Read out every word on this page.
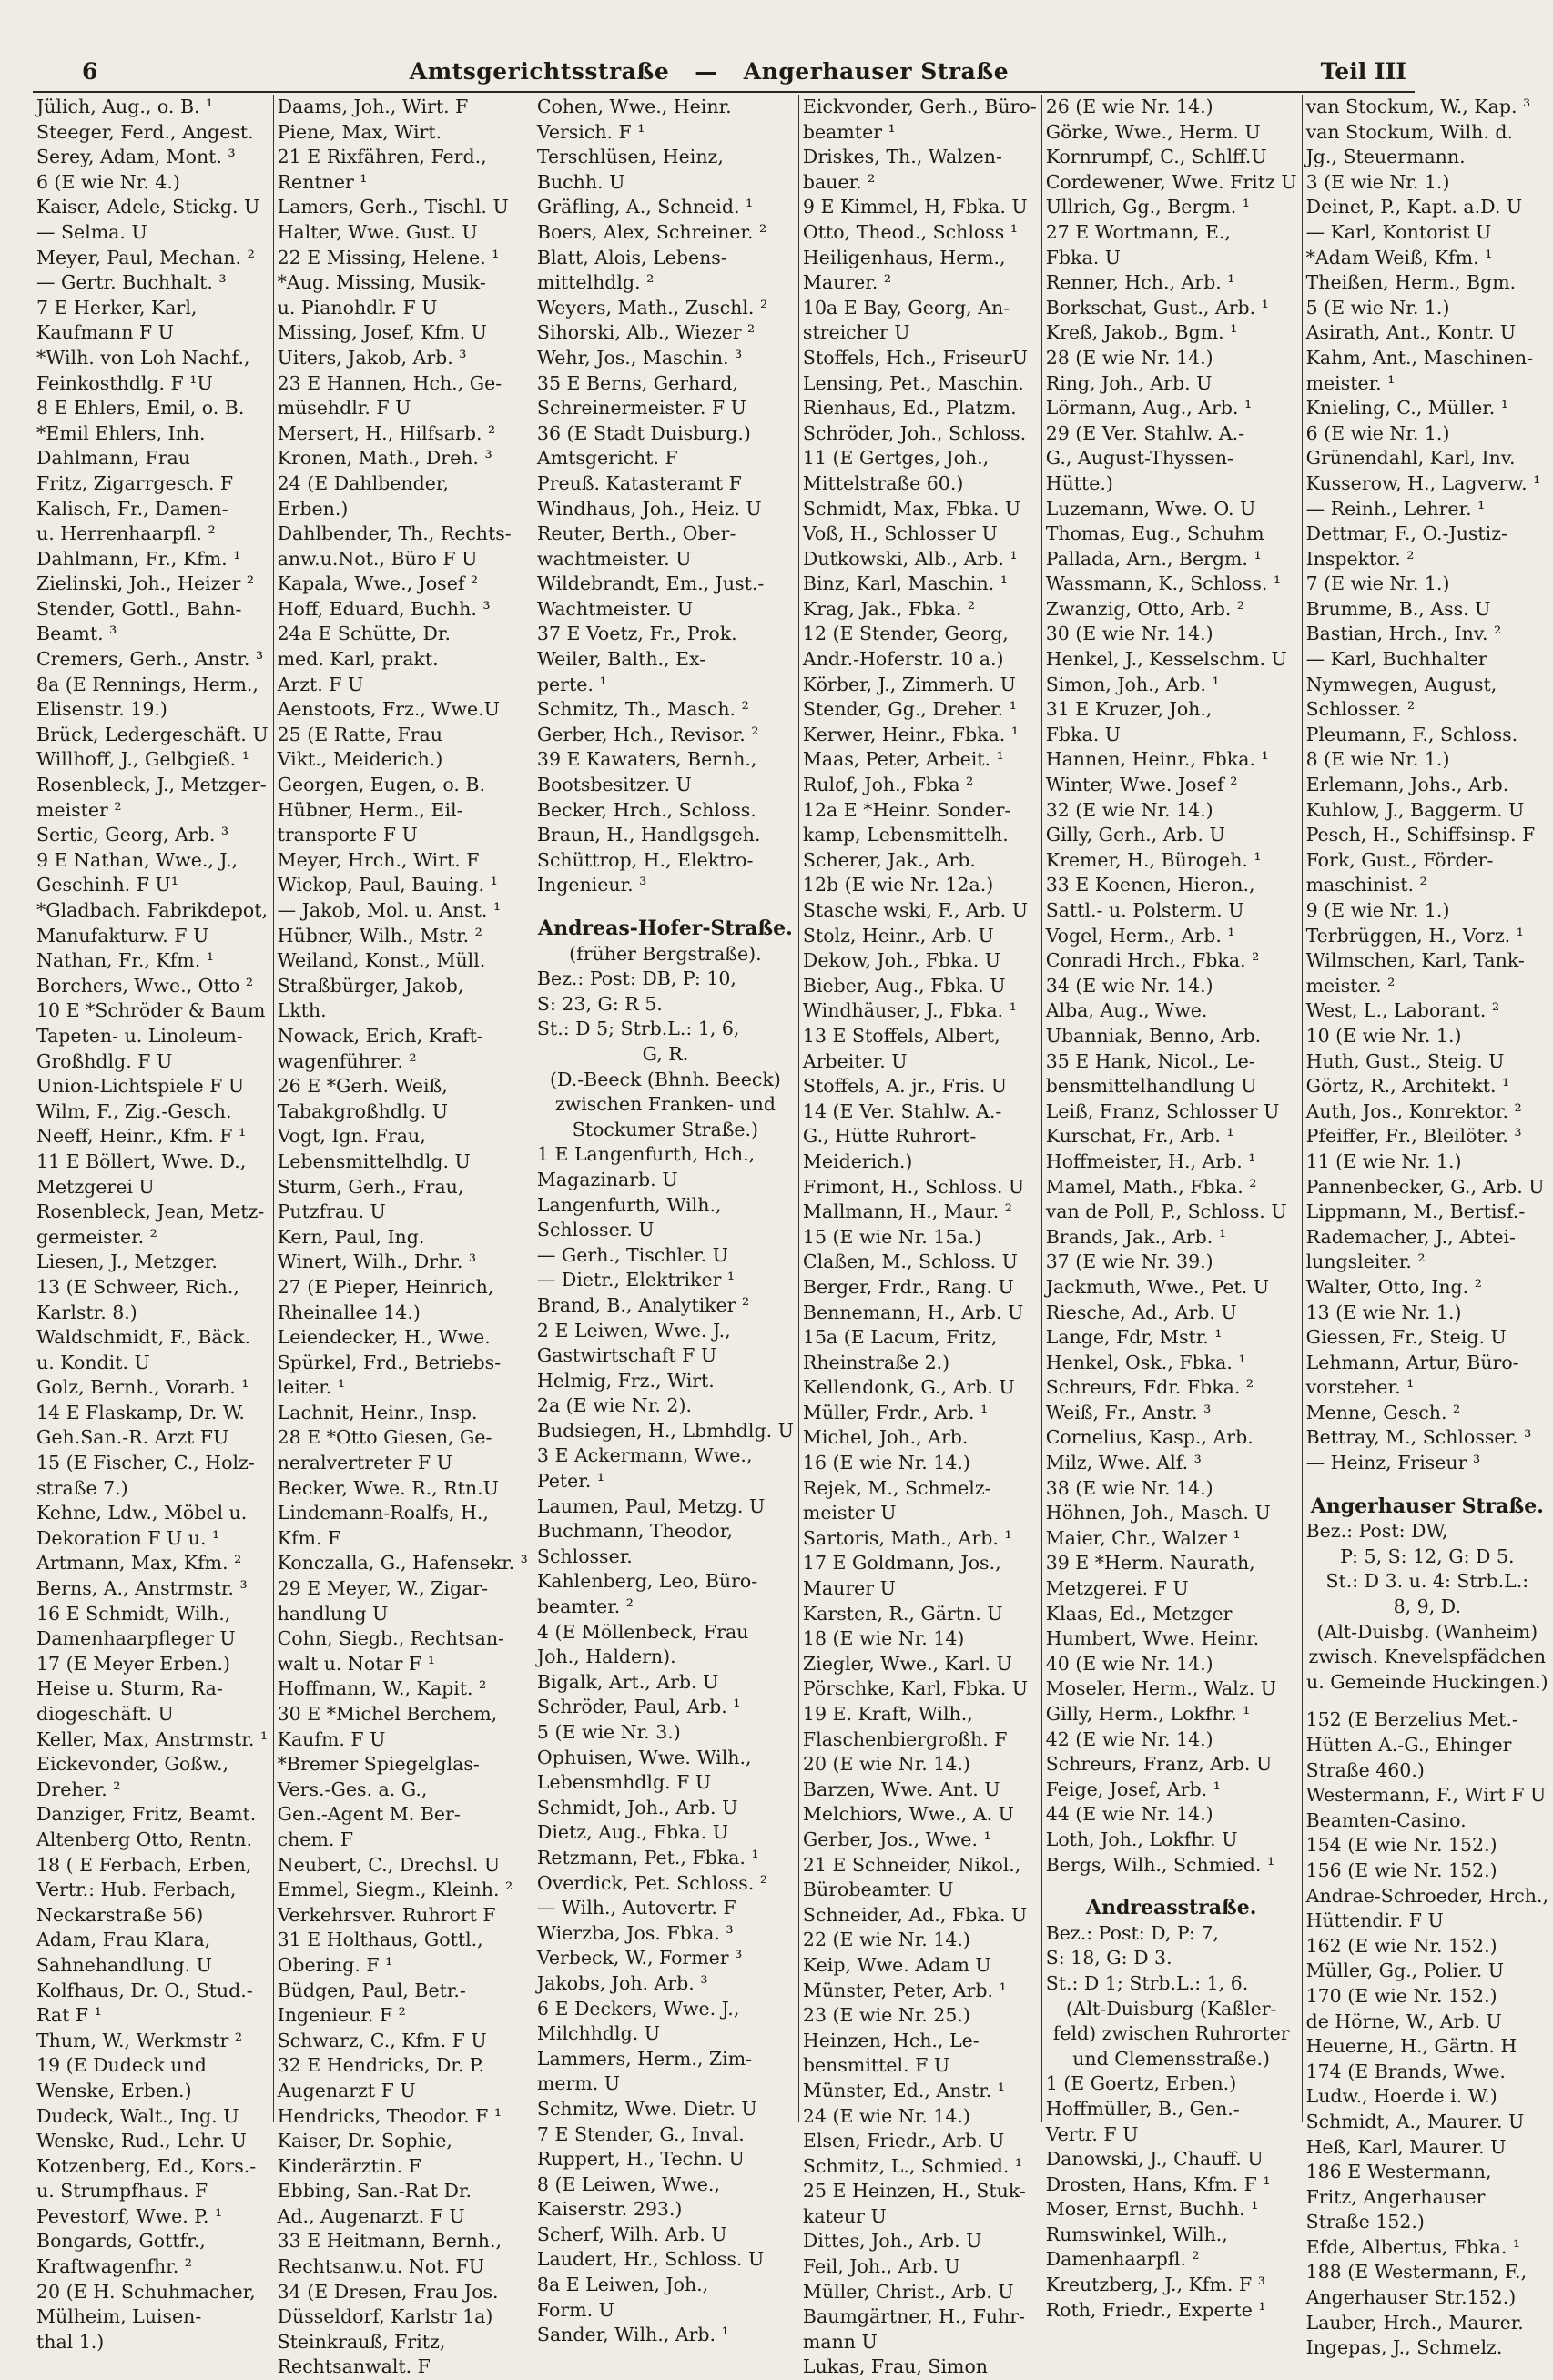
6	Amtsgerichtsstraße — Angerhauser Straße	Teil III
Jülich, Aug., o. B. ¹
Steeger, Ferd., Angest.
Serey, Adam, Mont. ³
6 (E wie Nr. 4.)
Kaiser, Adele, Stickg. U
— Selma. U
Meyer, Paul, Mechan. ²
— Gertr. Buchhalt. ³
7 E Herker, Karl,
Kaufmann F U
*Wilh. von Loh Nachf.,
Feinkosthdlg. F ¹U
8 E Ehlers, Emil, o. B.
*Emil Ehlers, Inh.
Dahlmann, Frau
Fritz, Zigarrgesch. F
Kalisch, Fr., Damen-
u. Herrenhaarpfl. ²
Dahlmann, Fr., Kfm. ¹
Zielinski, Joh., Heizer ²
Stender, Gottl., Bahn-
Beamt. ³
Cremers, Gerh., Anstr. ³
8a (E Rennings, Herm.,
Elisenstr. 19.)
Brück, Ledergeschäft. U
Willhoff, J., Gelbgieß. ¹
Rosenbleck, J., Metzger-
meister ²
Sertic, Georg, Arb. ³
9 E Nathan, Wwe., J.,
Geschinh. F U¹
*Gladbach. Fabrikdepot,
Manufakturw. F U
Nathan, Fr., Kfm. ¹
Borchers, Wwe., Otto ²
10 E *Schröder & Baum
Tapeten- u. Linoleum-
Großhdlg. F U
Union-Lichtspiele F U
Wilm, F., Zig.-Gesch.
Neeff, Heinr., Kfm. F ¹
11 E Böllert, Wwe. D.,
Metzgerei U
Rosenbleck, Jean, Metz-
germeister. ²
Liesen, J., Metzger.
13 (E Schweer, Rich.,
Karlstr. 8.)
Waldschmidt, F., Bäck.
u. Kondit. U
Golz, Bernh., Vorarb. ¹
14 E Flaskamp, Dr. W.
Geh.San.-R. Arzt FU
15 (E Fischer, C., Holz-
straße 7.)
Kehne, Ldw., Möbel u.
Dekoration F U u. ¹
Artmann, Max, Kfm. ²
Berns, A., Anstrmstr. ³
16 E Schmidt, Wilh.,
Damenhaarpfleger U
17 (E Meyer Erben.)
Heise u. Sturm, Ra-
diogeschäft. U
Keller, Max, Anstrmstr. ¹
Eickevonder, Goßw.,
Dreher. ²
Danziger, Fritz, Beamt.
Altenberg Otto, Rentn.
18 ( E Ferbach, Erben,
Vertr.: Hub. Ferbach,
Neckarstraße 56)
Adam, Frau Klara,
Sahnehandlung. U
Kolfhaus, Dr. O., Stud.-
Rat F ¹
Thum, W., Werkmstr ²
19 (E Dudeck und
Wenske, Erben.)
Dudeck, Walt., Ing. U
Wenske, Rud., Lehr. U
Kotzenberg, Ed., Kors.-
u. Strumpfhaus. F
Pevestorf, Wwe. P. ¹
Bongards, Gottfr.,
Kraftwagenfhr. ²
20 (E H. Schuhmacher,
Mülheim, Luisen-
thal 1.)
Daams, Joh., Wirt. F
Piene, Max, Wirt.
21 E Rixfähren, Ferd.,
Rentner ¹
Lamers, Gerh., Tischl. U
Halter, Wwe. Gust. U
22 E Missing, Helene. ¹
*Aug. Missing, Musik-
u. Pianohdlr. F U
Missing, Josef, Kfm. U
Uiters, Jakob, Arb. ³
23 E Hannen, Hch., Ge-
müsehdlr. F U
Mersert, H., Hilfsarb. ²
Kronen, Math., Dreh. ³
24 (E Dahlbender,
Erben.)
Dahlbender, Th., Rechts-
anw.u.Not., Büro F U
Kapala, Wwe., Josef ²
Hoff, Eduard, Buchh. ³
24a E Schütte, Dr.
med. Karl, prakt.
Arzt. F U
Aenstoots, Frz., Wwe.U
25 (E Ratte, Frau
Vikt., Meiderich.)
Georgen, Eugen, o. B.
Hübner, Herm., Eil-
transporte F U
Meyer, Hrch., Wirt. F
Wickop, Paul, Bauing. ¹
— Jakob, Mol. u. Anst. ¹
Hübner, Wilh., Mstr. ²
Weiland, Konst., Müll.
Straßbürger, Jakob,
Lkth.
Nowack, Erich, Kraft-
wagenführer. ²
26 E *Gerh. Weiß,
Tabakgroßhdlg. U
Vogt, Ign. Frau,
Lebensmittelhdlg. U
Sturm, Gerh., Frau,
Putzfrau. U
Kern, Paul, Ing.
Winert, Wilh., Drhr. ³
27 (E Pieper, Heinrich,
Rheinallee 14.)
Leiendecker, H., Wwe.
Spürkel, Frd., Betriebs-
leiter. ¹
Lachnit, Heinr., Insp.
28 E *Otto Giesen, Ge-
neralvertreter F U
Becker, Wwe. R., Rtn.U
Lindemann-Roalfs, H.,
Kfm. F
Konczalla, G., Hafensekr. ³
29 E Meyer, W., Zigar-
handlung U
Cohn, Siegb., Rechtsan-
walt u. Notar F ¹
Hoffmann, W., Kapit. ²
30 E *Michel Berchem,
Kaufm. F U
*Bremer Spiegelglas-
Vers.-Ges. a. G.,
Gen.-Agent M. Ber-
chem. F
Neubert, C., Drechsl. U
Emmel, Siegm., Kleinh. ²
Verkehrsver. Ruhrort F
31 E Holthaus, Gottl.,
Obering. F ¹
Büdgen, Paul, Betr.-
Ingenieur. F ²
Schwarz, C., Kfm. F U
32 E Hendricks, Dr. P.
Augenarzt F U
Hendricks, Theodor. F ¹
Kaiser, Dr. Sophie,
Kinderärztin. F
Ebbing, San.-Rat Dr.
Ad., Augenarzt. F U
33 E Heitmann, Bernh.,
Rechtsanw.u. Not. FU
34 (E Dresen, Frau Jos.
Düsseldorf, Karlstr 1a)
Steinkrauß, Fritz,
Rechtsanwalt. F
Cohen, Wwe., Heinr.
Versich. F ¹
Terschlüsen, Heinz,
Buchh. U
Gräfling, A., Schneid. ¹
Boers, Alex, Schreiner. ²
Blatt, Alois, Lebens-
mittelhdlg. ²
Weyers, Math., Zuschl. ²
Sihorski, Alb., Wiezer ²
Wehr, Jos., Maschin. ³
35 E Berns, Gerhard,
Schreinermeister. F U
36 (E Stadt Duisburg.)
Amtsgericht. F
Preuß. Katasteramt F
Windhaus, Joh., Heiz. U
Reuter, Berth., Ober-
wachtmeister. U
Wildebrandt, Em., Just.-
Wachtmeister. U
37 E Voetz, Fr., Prok.
Weiler, Balth., Ex-
perte. ¹
Schmitz, Th., Masch. ²
Gerber, Hch., Revisor. ²
39 E Kawaters, Bernh.,
Bootsbesitzer. U
Becker, Hrch., Schloss.
Braun, H., Handlgsgeh.
Schüttrop, H., Elektro-
Ingenieur. ³
Andreas-Hofer-Straße.
(früher Bergstraße).
Bez.: Post: DB, P: 10,
S: 23, G: R 5.
St.: D 5; Strb.L.: 1, 6,
G, R.
(D.-Beeck (Bhnh. Beeck)
zwischen Franken- und
Stockumer Straße.)
1 E Langenfurth, Hch.,
Magazinarb. U
Langenfurth, Wilh.,
Schlosser. U
— Gerh., Tischler. U
— Dietr., Elektriker ¹
Brand, B., Analytiker ²
2 E Leiwen, Wwe. J.,
Gastwirtschaft F U
Helmig, Frz., Wirt.
2a (E wie Nr. 2).
Budsiegen, H., Lbmhdlg. U
3 E Ackermann, Wwe.,
Peter. ¹
Laumen, Paul, Metzg. U
Buchmann, Theodor,
Schlosser.
Kahlenberg, Leo, Büro-
beamter. ²
4 (E Möllenbeck, Frau
Joh., Haldern).
Bigalk, Art., Arb. U
Schröder, Paul, Arb. ¹
5 (E wie Nr. 3.)
Ophuisen, Wwe. Wilh.,
Lebensmhdlg. F U
Schmidt, Joh., Arb. U
Dietz, Aug., Fbka. U
Retzmann, Pet., Fbka. ¹
Overdick, Pet. Schloss. ²
— Wilh., Autovertr. F
Wierzba, Jos. Fbka. ³
Verbeck, W., Former ³
Jakobs, Joh. Arb. ³
6 E Deckers, Wwe. J.,
Milchhdlg. U
Lammers, Herm., Zim-
merm. U
Schmitz, Wwe. Dietr. U
7 E Stender, G., Inval.
Ruppert, H., Techn. U
8 (E Leiwen, Wwe.,
Kaiserstr. 293.)
Scherf, Wilh. Arb. U
Laudert, Hr., Schloss. U
8a E Leiwen, Joh.,
Form. U
Sander, Wilh., Arb. ¹
Eickvonder, Gerh., Büro-
beamter ¹
Driskes, Th., Walzen-
bauer. ²
9 E Kimmel, H, Fbka. U
Otto, Theod., Schloss ¹
Heiligenhaus, Herm.,
Maurer. ²
10a E Bay, Georg, An-
streicher U
Stoffels, Hch., FriseurU
Lensing, Pet., Maschin.
Rienhaus, Ed., Platzm.
Schröder, Joh., Schloss.
11 (E Gertges, Joh.,
Mittelstraße 60.)
Schmidt, Max, Fbka. U
Voß, H., Schlosser U
Dutkowski, Alb., Arb. ¹
Binz, Karl, Maschin. ¹
Krag, Jak., Fbka. ²
12 (E Stender, Georg,
Andr.-Hoferstr. 10 a.)
Körber, J., Zimmerh. U
Stender, Gg., Dreher. ¹
Kerwer, Heinr., Fbka. ¹
Maas, Peter, Arbeit. ¹
Rulof, Joh., Fbka ²
12a E *Heinr. Sonder-
kamp, Lebensmittelh.
Scherer, Jak., Arb.
12b (E wie Nr. 12a.)
Stasche wski, F., Arb. U
Stolz, Heinr., Arb. U
Dekow, Joh., Fbka. U
Bieber, Aug., Fbka. U
Windhäuser, J., Fbka. ¹
13 E Stoffels, Albert,
Arbeiter. U
Stoffels, A. jr., Fris. U
14 (E Ver. Stahlw. A.-
G., Hütte Ruhrort-
Meiderich.)
Frimont, H., Schloss. U
Mallmann, H., Maur. ²
15 (E wie Nr. 15a.)
Claßen, M., Schloss. U
Berger, Frdr., Rang. U
Bennemann, H., Arb. U
15a (E Lacum, Fritz,
Rheinstraße 2.)
Kellendonk, G., Arb. U
Müller, Frdr., Arb. ¹
Michel, Joh., Arb.
16 (E wie Nr. 14.)
Rejek, M., Schmelz-
meister U
Sartoris, Math., Arb. ¹
17 E Goldmann, Jos.,
Maurer U
Karsten, R., Gärtn. U
18 (E wie Nr. 14)
Ziegler, Wwe., Karl. U
Pörschke, Karl, Fbka. U
19 E. Kraft, Wilh.,
Flaschenbiergroßh. F
20 (E wie Nr. 14.)
Barzen, Wwe. Ant. U
Melchiors, Wwe., A. U
Gerber, Jos., Wwe. ¹
21 E Schneider, Nikol.,
Bürobeamter. U
Schneider, Ad., Fbka. U
22 (E wie Nr. 14.)
Keip, Wwe. Adam U
Münster, Peter, Arb. ¹
23 (E wie Nr. 25.)
Heinzen, Hch., Le-
bensmittel. F U
Münster, Ed., Anstr. ¹
24 (E wie Nr. 14.)
Elsen, Friedr., Arb. U
Schmitz, L., Schmied. ¹
25 E Heinzen, H., Stuk-
kateur U
Dittes, Joh., Arb. U
Feil, Joh., Arb. U
Müller, Christ., Arb. U
Baumgärtner, H., Fuhr-
mann U
Lukas, Frau, Simon
26 (E wie Nr. 14.)
Görke, Wwe., Herm. U
Kornrumpf, C., Schlff.U
Cordewener, Wwe. Fritz U
Ullrich, Gg., Bergm. ¹
27 E Wortmann, E.,
Fbka. U
Renner, Hch., Arb. ¹
Borkschat, Gust., Arb. ¹
Kreß, Jakob., Bgm. ¹
28 (E wie Nr. 14.)
Ring, Joh., Arb. U
Lörmann, Aug., Arb. ¹
29 (E Ver. Stahlw. A.-
G., August-Thyssen-
Hütte.)
Luzemann, Wwe. O. U
Thomas, Eug., Schuhm
Pallada, Arn., Bergm. ¹
Wassmann, K., Schloss. ¹
Zwanzig, Otto, Arb. ²
30 (E wie Nr. 14.)
Henkel, J., Kesselschm. U
Simon, Joh., Arb. ¹
31 E Kruzer, Joh.,
Fbka. U
Hannen, Heinr., Fbka. ¹
Winter, Wwe. Josef ²
32 (E wie Nr. 14.)
Gilly, Gerh., Arb. U
Kremer, H., Bürogeh. ¹
33 E Koenen, Hieron.,
Sattl.- u. Polsterm. U
Vogel, Herm., Arb. ¹
Conradi Hrch., Fbka. ²
34 (E wie Nr. 14.)
Alba, Aug., Wwe.
Ubanniak, Benno, Arb.
35 E Hank, Nicol., Le-
bensmittelhandlung U
Leiß, Franz, Schlosser U
Kurschat, Fr., Arb. ¹
Hoffmeister, H., Arb. ¹
Mamel, Math., Fbka. ²
van de Poll, P., Schloss. U
Brands, Jak., Arb. ¹
37 (E wie Nr. 39.)
Jackmuth, Wwe., Pet. U
Riesche, Ad., Arb. U
Lange, Fdr, Mstr. ¹
Henkel, Osk., Fbka. ¹
Schreurs, Fdr. Fbka. ²
Weiß, Fr., Anstr. ³
Cornelius, Kasp., Arb.
Milz, Wwe. Alf. ³
38 (E wie Nr. 14.)
Höhnen, Joh., Masch. U
Maier, Chr., Walzer ¹
39 E *Herm. Naurath,
Metzgerei. F U
Klaas, Ed., Metzger
Humbert, Wwe. Heinr.
40 (E wie Nr. 14.)
Moseler, Herm., Walz. U
Gilly, Herm., Lokfhr. ¹
42 (E wie Nr. 14.)
Schreurs, Franz, Arb. U
Feige, Josef, Arb. ¹
44 (E wie Nr. 14.)
Loth, Joh., Lokfhr. U
Bergs, Wilh., Schmied. ¹
Andreasstraße.
Bez.: Post: D, P: 7,
S: 18, G: D 3.
St.: D 1; Strb.L.: 1, 6.
(Alt-Duisburg (Kaßler-
feld) zwischen Ruhrorter
und Clemensstraße.)
1 (E Goertz, Erben.)
Hoffmüller, B., Gen.-
Vertr. F U
Danowski, J., Chauff. U
Drosten, Hans, Kfm. F ¹
Moser, Ernst, Buchh. ¹
Rumswinkel, Wilh.,
Damenhaarpfl. ²
Kreutzberg, J., Kfm. F ³
Roth, Friedr., Experte ¹
van Stockum, W., Kap. ³
van Stockum, Wilh. d.
Jg., Steuermann.
3 (E wie Nr. 1.)
Deinet, P., Kapt. a.D. U
— Karl, Kontorist U
*Adam Weiß, Kfm. ¹
Theißen, Herm., Bgm.
5 (E wie Nr. 1.)
Asirath, Ant., Kontr. U
Kahm, Ant., Maschinen-
meister. ¹
Knieling, C., Müller. ¹
6 (E wie Nr. 1.)
Grünendahl, Karl, Inv.
Kusserow, H., Lagverw. ¹
— Reinh., Lehrer. ¹
Dettmar, F., O.-Justiz-
Inspektor. ²
7 (E wie Nr. 1.)
Brumme, B., Ass. U
Bastian, Hrch., Inv. ²
— Karl, Buchhalter
Nymwegen, August,
Schlosser. ²
Pleumann, F., Schloss.
8 (E wie Nr. 1.)
Erlemann, Johs., Arb.
Kuhlow, J., Baggerm. U
Pesch, H., Schiffsinsp. F
Fork, Gust., Förder-
maschinist. ²
9 (E wie Nr. 1.)
Terbrüggen, H., Vorz. ¹
Wilmschen, Karl, Tank-
meister. ²
West, L., Laborant. ²
10 (E wie Nr. 1.)
Huth, Gust., Steig. U
Görtz, R., Architekt. ¹
Auth, Jos., Konrektor. ²
Pfeiffer, Fr., Bleilöter. ³
11 (E wie Nr. 1.)
Pannenbecker, G., Arb. U
Lippmann, M., Bertisf.-
Rademacher, J., Abtei-
lungsleiter. ²
Walter, Otto, Ing. ²
13 (E wie Nr. 1.)
Giessen, Fr., Steig. U
Lehmann, Artur, Büro-
vorsteher. ¹
Menne, Gesch. ²
Bettray, M., Schlosser. ³
— Heinz, Friseur ³
Angerhauser Straße.
Bez.: Post: DW,
P: 5, S: 12, G: D 5.
St.: D 3. u. 4: Strb.L.:
8, 9, D.
(Alt-Duisbg. (Wanheim)
zwisch. Knevelspfädchen
u. Gemeinde Huckingen.)
152 (E Berzelius Met.-
Hütten A.-G., Ehinger
Straße 460.)
Westermann, F., Wirt F U
Beamten-Casino.
154 (E wie Nr. 152.)
156 (E wie Nr. 152.)
Andrae-Schroeder, Hrch.,
Hüttendir. F U
162 (E wie Nr. 152.)
Müller, Gg., Polier. U
170 (E wie Nr. 152.)
de Hörne, W., Arb. U
Heuerne, H., Gärtn. H
174 (E Brands, Wwe.
Ludw., Hoerde i. W.)
Schmidt, A., Maurer. U
Heß, Karl, Maurer. U
186 E Westermann,
Fritz, Angerhauser
Straße 152.)
Efde, Albertus, Fbka. ¹
188 (E Westermann, F.,
Angerhauser Str.152.)
Lauber, Hrch., Maurer.
Ingepas, J., Schmelz.
